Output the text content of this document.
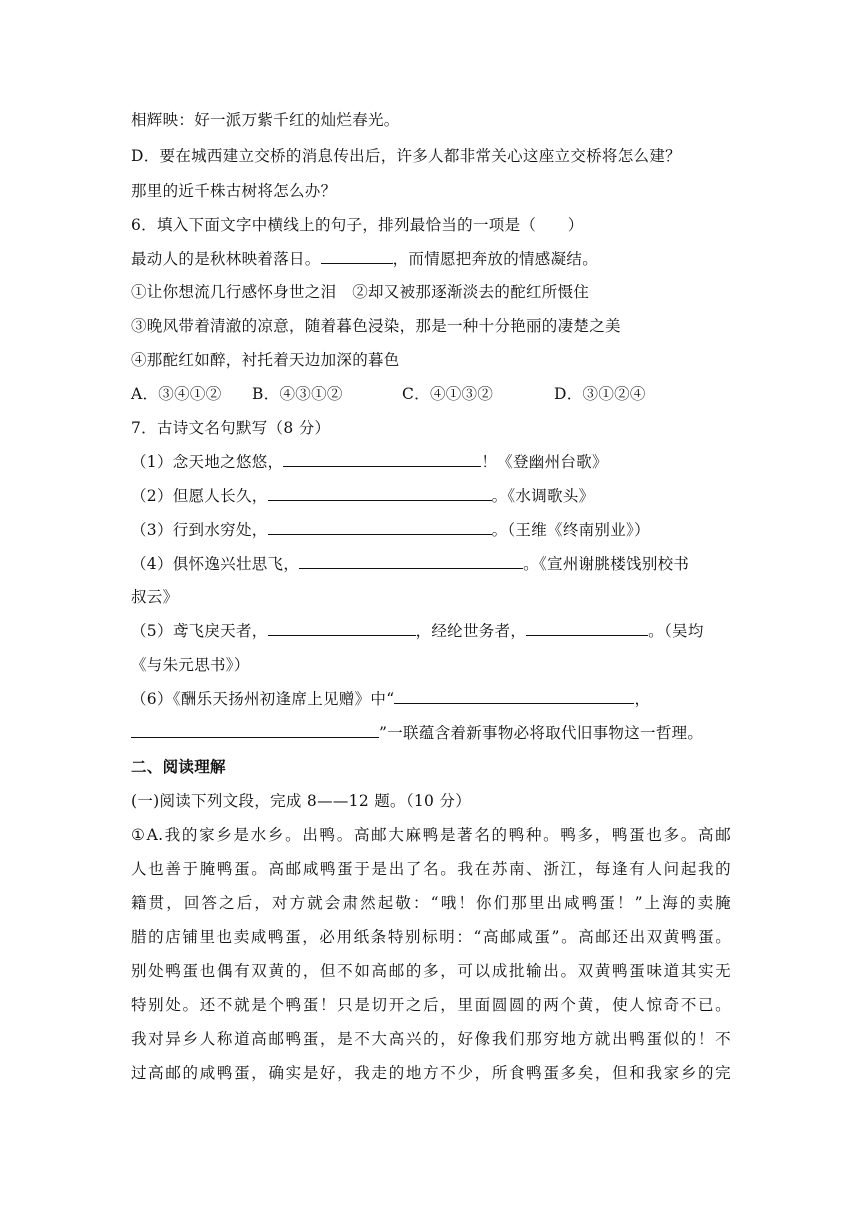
相辉映：好一派万紫千红的灿烂春光。
D．要在城西建立交桥的消息传出后，许多人都非常关心这座立交桥将怎么建？
那里的近千株古树将怎么办？
6．填入下面文字中横线上的句子，排列最恰当的一项是（　　）
最动人的是秋林映着落日。	，而情愿把奔放的情感凝结。
①让你想流几行感怀身世之泪　②却又被那逐渐淡去的酡红所慑住
③晚风带着清澈的凉意，随着暮色浸染，那是一种十分艳丽的凄楚之美
④那酡红如醉，衬托着天边加深的暮色
A．③④①② B．④③①②	C．④①③②	D．③①②④
7．古诗文名句默写（8 分）
（1）念天地之悠悠，	！《登幽州台歌》
（2）但愿人长久，	。《水调歌头》
（3）行到水穷处，	。（王维《终南别业》）
（4）俱怀逸兴壮思飞，	。《宣州谢朓楼饯别校书
叔云》
（5）鸢飞戾天者，	，经纶世务者，	。（吴均
《与朱元思书》）
（6）《酬乐天扬州初逢席上见赠》中“	，
”一联蕴含着新事物必将取代旧事物这一哲理。
二、阅读理解
(一)阅读下列文段，完成 8——12 题。（10 分）
①A.我的家乡是水乡。出鸭。高邮大麻鸭是著名的鸭种。鸭多，鸭蛋也多。高邮
人也善于腌鸭蛋。高邮咸鸭蛋于是出了名。我在苏南、浙江，每逢有人问起我的
籍贯，回答之后，对方就会肃然起敬：“哦！你们那里出咸鸭蛋！”上海的卖腌
腊的店铺里也卖咸鸭蛋，必用纸条特别标明：“高邮咸蛋”。高邮还出双黄鸭蛋。
别处鸭蛋也偶有双黄的，但不如高邮的多，可以成批输出。双黄鸭蛋味道其实无
特别处。还不就是个鸭蛋！只是切开之后，里面圆圆的两个黄，使人惊奇不已。
我对异乡人称道高邮鸭蛋，是不大高兴的，好像我们那穷地方就出鸭蛋似的！不
过高邮的咸鸭蛋，确实是好，我走的地方不少，所食鸭蛋多矣，但和我家乡的完
